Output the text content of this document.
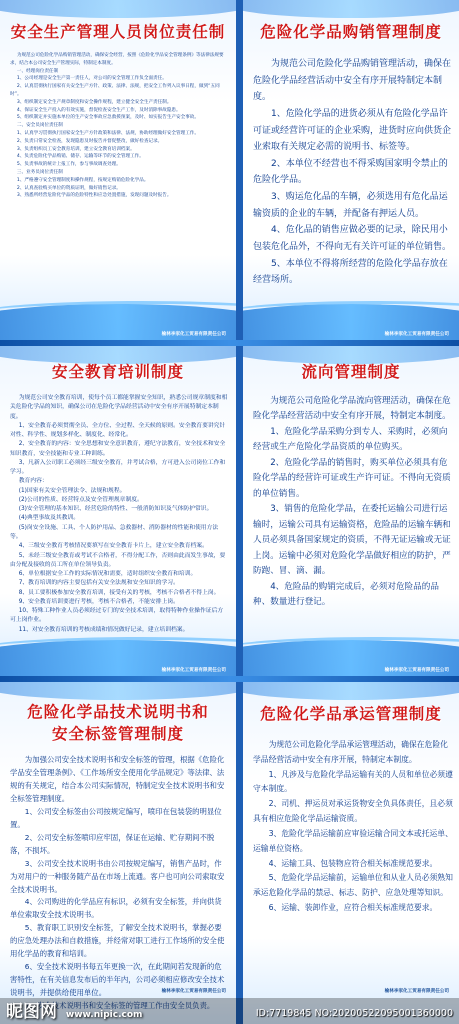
安全生产管理人员岗位责任制

为规范公司危险化学品购销管理活动，确保安全经营，按照《危险化学品安全管理条例》等法律法规要求，结合本公司安全生产管理实际，特制定本制度。

一、经理岗位责任制

1、公司经理是安全生产第一责任人，对公司的安全管理工作负全面责任。

2、认真贯彻执行国家有关安全生产方针、政策、法律、法规，把安全工作列入议事日程，做到“五同时”。

3、组织制定安全生产规章制度和安全操作规程，建立健全安全生产责任制。

4、保证安全生产投入的有效实施，督促检查安全生产工作，及时消除事故隐患。

5、组织制定并实施本单位的生产安全事故应急救援预案，及时、如实报告生产安全事故。

二、安全员岗位责任制

1、认真学习贯彻执行国家安全生产方针政策和法律、法规，协助经理做好安全管理工作。

2、负责日常安全检查，发现隐患及时报告并督促整改，做好检查记录。

3、负责组织员工安全教育培训，建立安全教育培训档案。

4、负责危险化学品购销、储存、运输等环节的安全管理工作。

5、负责事故的统计上报工作，参与事故调查处理。

三、业务员岗位责任制

1、严格遵守安全管理制度和操作规程，按规定购销危险化学品。

2、认真查验购买单位的资质证明，做好销售记录。

3、熟悉所经营危险化学品的危险特性和应急处置措施，发现问题及时报告。

榆林李家化工贸易有限责任公司
危险化学品购销管理制度

为规范公司危险化学品购销管理活动，确保在危险化学品经营活动中安全有序开展特制定本制度。

1、危险化学品的进货必须从有危险化学品许可证或经营许可证的企业采购，进货时应向供货企业索取有关规定必需的说明书、标签等。

2、本单位不经营也不得采购国家明令禁止的危险化学品。

3、购运危化品的车辆，必须选用有危化品运输资质的企业的车辆，并配备有押运人员。

4、危化品的销售应做必要的记录，除民用小包装危化品外，不得向无有关许可证的单位销售。

5、本单位不得将所经营的危险化学品存放在经营场所。

榆林李家化工贸易有限责任公司
安全教育培训制度

为规范公司安全教育培训，使每个员工都能掌握安全知识，熟悉公司规章制度和相关危险化学品的知识，确保公司在危险化学品经营活动中安全有序开展特制定本制度。

1、安全教育必须贯彻全员、全方位、全过程、全天候的原则。安全教育要讲究针对性、科学性、规划多样化、制度化、经常化。

2、安全教育的内容：安全思想和安全意识教育，遵纪守法教育，安全技术和安全知识教育，安全技能和专业工种训练。

3、凡新入公司职工必须经三级安全教育，并考试合格，方可进入公司岗位工作和学习。

教育内容：

(1)国家有关安全管理法令、法规和规程。

(2)公司的性质、经营特点及安全管理规章制度。

(3)安全管理的基本知识、经营危险的特性、一般消防知识及气体防护常识。

(4)典型事故及其教训。

(5)岗安全设施、工具、个人防护用品、急救器材、消防器材的性能和使用方法等。

4、三级安全教育考核情况要填写在安全教育卡片上，建立安全教育档案。

5、未经三级安全教育或考试不合格者，不得分配工作，否则由此而发生事故，要由分配及接收的员工所在单位领导负责。

6、单位根据安全工作的实际情况和需要，适时组织安全教育和培训。

7、教育培训的内容主要包括有关安全法规和安全知识的学习。

8、员工要积极参加安全教育培训，接受有关的考核，考核不合格者不得上岗。

9、安全教育培训要进行考核，考核不合格者，不能安排上岗。

10、特殊工种作业人员必须经过专门的安全技术培训，取得特种作业操作证后方可上岗作业。

11、对安全教育培训的考核成绩和情况做好记录，建立培训档案。

榆林李家化工贸易有限责任公司
流向管理制度

为规范公司危险化学品流向管理活动，确保在危险化学品经营活动中安全有序开展，特制定本制度。

1、危险化学品采购分到专人、采购时，必须向经营或生产危险化学品资质的单位购买。

2、危险化学品的销售时，购买单位必须具有危险化学品的经营许可证或生产许可证。不得向无资质的单位销售。

3、销售的危险化学品，在委托运输公司进行运输时，运输公司具有运输资格，危险品的运输车辆和人员必须具备国家规定的资质，不得无证运输或无证上岗。运输中必须对危险化学品做好相应的防护，严防跑、冒、滴、漏。

4、危险品的购销完成后，必须对危险品的品种、数量进行登记。

榆林李家化工贸易有限责任公司
危险化学品技术说明书和
安全标签管理制度

为加强公司安全技术说明书和安全标签的管理，根据《危险化学品安全管理条例》、《工作场所安全使用化学品规定》等法律、法规的有关规定，结合本公司实际情况，特制定安全技术说明书和安全标签管理制度。

1、公司安全标签由公司按规定编写，喷印在包装袋的明显位置。

2、公司安全标签喷印应牢固，保证在运输、贮存期间不脱落，不损坏。

3、公司安全技术说明书由公司按规定编写，销售产品时，作为对用户的一种服务随产品在市场上流通。客户也可向公司索取安全技术说明书。

4、公司购进的化学品应有标识，必须有安全标签，并向供货单位索取安全技术说明书。

5、教育职工识别安全标签，了解安全技术说明书，掌握必要的应急处理办法和自救措施，并经常对职工进行工作场所的安全使用化学品的教育和培训。

6、安全技术说明书每五年更换一次，在此期间若发现新的危害特性，在有关信息发布后的半年内，公司必须相应修改安全技术说明书，并提供给使用单位。

7、安全技术说明书和安全标签的管理工作由安全员负责。

榆林李家化工贸易有限责任公司
危险化学品承运管理制度

为规范公司危险化学品承运管理活动，确保在危险化学品经营活动中安全有序开展，特制定本制度。

1、凡涉及与危险化学品运输有关的人员和单位必须遵守本制度。

2、司机、押运员对承运货物安全负具体责任，且必须具有相应危险化学品运输资质。

3、危险化学品运输前应审验运输合同文本或托运单、运输单位资格。

4、运输工具、包装物应符合相关标准规范要求。

5、危险化学品运输前，运输单位和从业人员必须熟知承运危险化学品的禁忌、标志、防护、应急处理等知识。

6、运输、装卸作业，应符合相关标准规范要求。

榆林李家化工贸易有限责任公司
昵图网 www.nipic.com	ID:7719845 NO:20200522095001360000
